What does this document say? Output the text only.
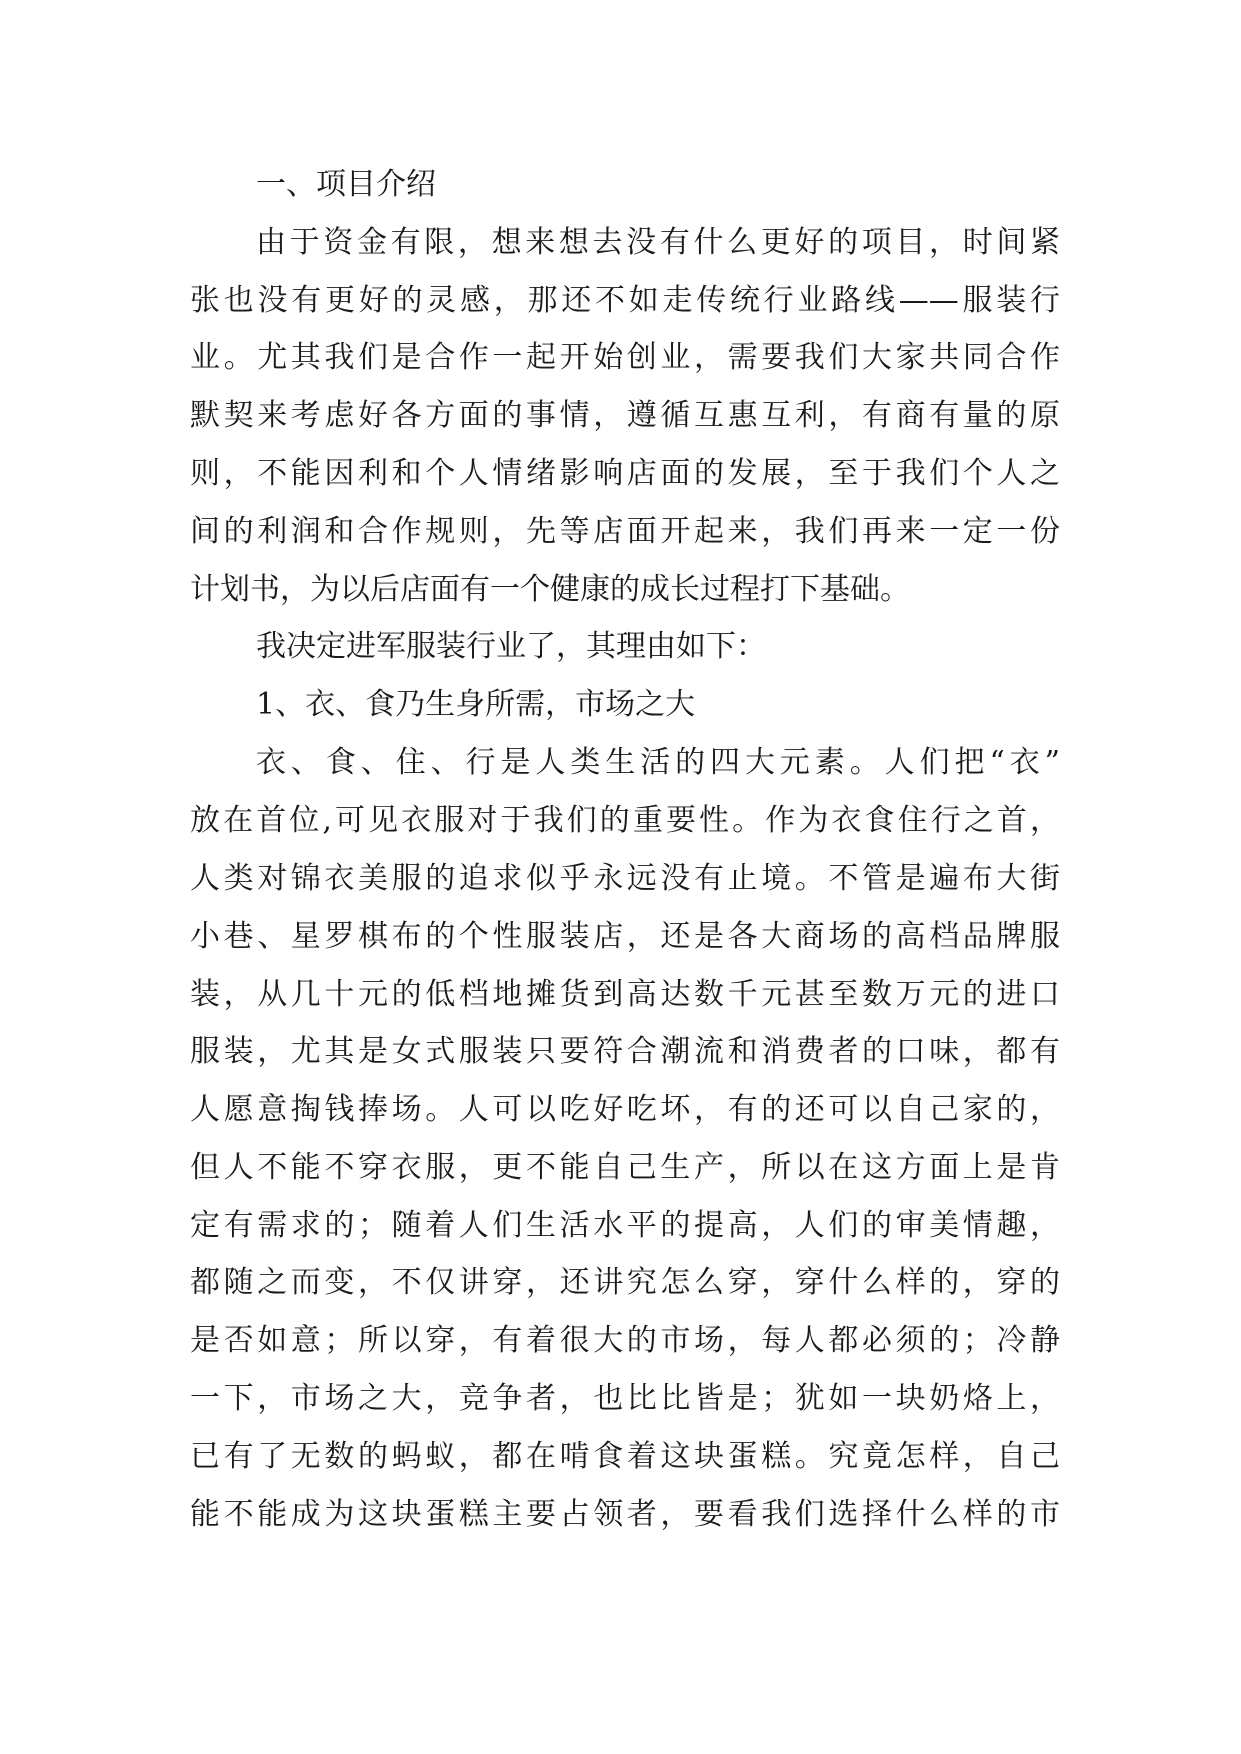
一、项目介绍
由于资金有限，想来想去没有什么更好的项目，时间紧
张也没有更好的灵感，那还不如走传统行业路线——服装行
业。尤其我们是合作一起开始创业，需要我们大家共同合作
默契来考虑好各方面的事情，遵循互惠互利，有商有量的原
则，不能因利和个人情绪影响店面的发展，至于我们个人之
间的利润和合作规则，先等店面开起来，我们再来一定一份
计划书，为以后店面有一个健康的成长过程打下基础。
我决定进军服装行业了，其理由如下：
1、衣、食乃生身所需，市场之大
衣、食、住、行是人类生活的四大元素。人们把“衣”
放在首位,可见衣服对于我们的重要性。作为衣食住行之首，
人类对锦衣美服的追求似乎永远没有止境。不管是遍布大街
小巷、星罗棋布的个性服装店，还是各大商场的高档品牌服
装，从几十元的低档地摊货到高达数千元甚至数万元的进口
服装，尤其是女式服装只要符合潮流和消费者的口味，都有
人愿意掏钱捧场。人可以吃好吃坏，有的还可以自己家的，
但人不能不穿衣服，更不能自己生产，所以在这方面上是肯
定有需求的；随着人们生活水平的提高，人们的审美情趣，
都随之而变，不仅讲穿，还讲究怎么穿，穿什么样的，穿的
是否如意；所以穿，有着很大的市场，每人都必须的；冷静
一下，市场之大，竞争者，也比比皆是；犹如一块奶烙上，
已有了无数的蚂蚁，都在啃食着这块蛋糕。究竟怎样，自己
能不能成为这块蛋糕主要占领者，要看我们选择什么样的市
